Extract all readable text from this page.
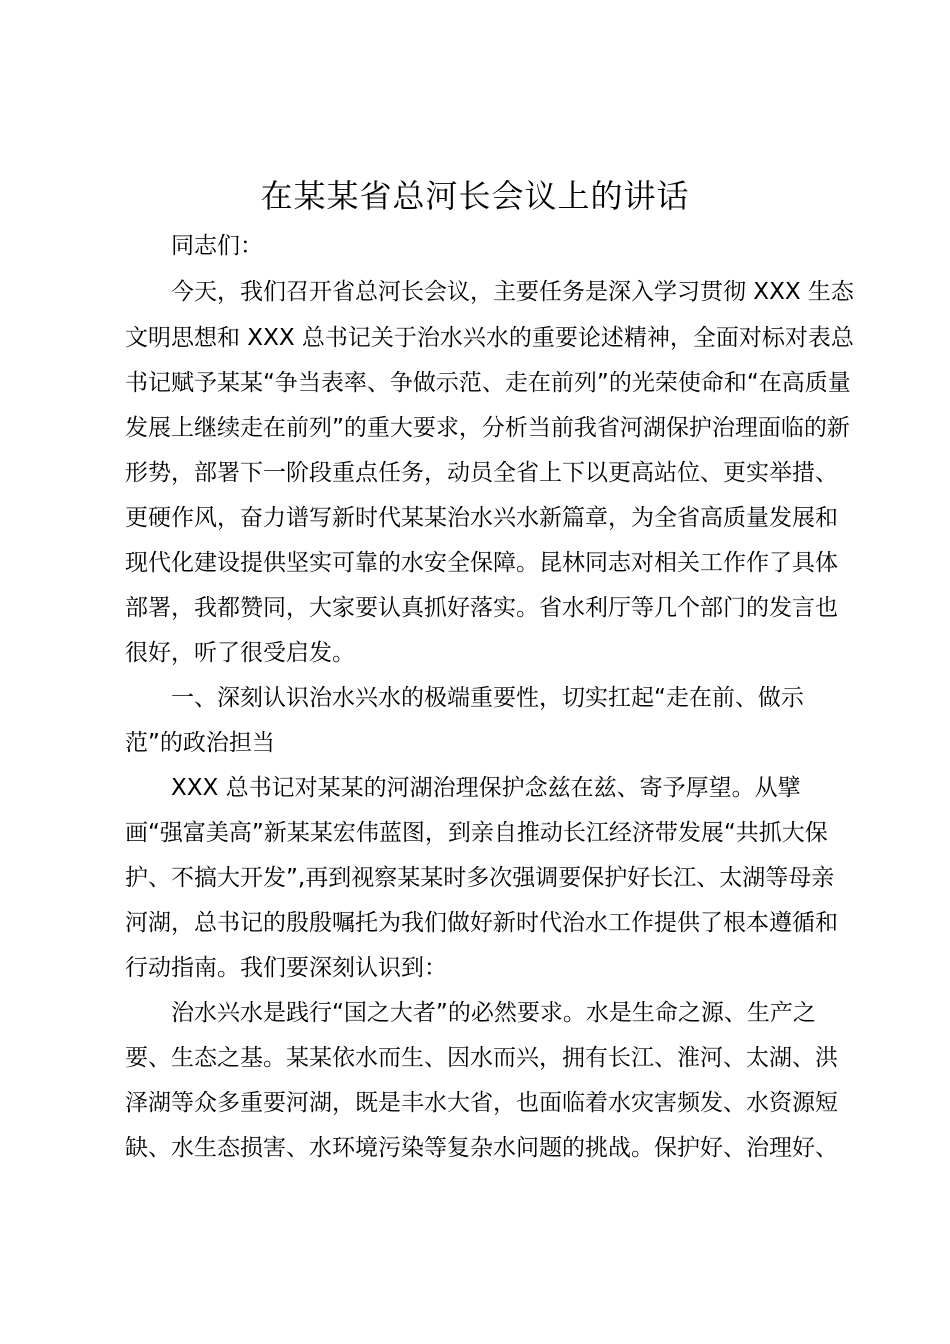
在某某省总河长会议上的讲话

同志们：

今天，我们召开省总河长会议，主要任务是深入学习贯彻 XXX 生态

文明思想和 XXX 总书记关于治水兴水的重要论述精神，全面对标对表总

书记赋予某某“争当表率、争做示范、走在前列”的光荣使命和“在高质量

发展上继续走在前列”的重大要求，分析当前我省河湖保护治理面临的新

形势，部署下一阶段重点任务，动员全省上下以更高站位、更实举措、

更硬作风，奋力谱写新时代某某治水兴水新篇章，为全省高质量发展和

现代化建设提供坚实可靠的水安全保障。昆林同志对相关工作作了具体

部署，我都赞同，大家要认真抓好落实。省水利厅等几个部门的发言也

很好，听了很受启发。

一、深刻认识治水兴水的极端重要性，切实扛起“走在前、做示

范”的政治担当

XXX 总书记对某某的河湖治理保护念兹在兹、寄予厚望。从擘

画“强富美高”新某某宏伟蓝图，到亲自推动长江经济带发展“共抓大保

护、不搞大开发”,再到视察某某时多次强调要保护好长江、太湖等母亲

河湖，总书记的殷殷嘱托为我们做好新时代治水工作提供了根本遵循和

行动指南。我们要深刻认识到：

治水兴水是践行“国之大者”的必然要求。水是生命之源、生产之

要、生态之基。某某依水而生、因水而兴，拥有长江、淮河、太湖、洪

泽湖等众多重要河湖，既是丰水大省，也面临着水灾害频发、水资源短

缺、水生态损害、水环境污染等复杂水问题的挑战。保护好、治理好、
